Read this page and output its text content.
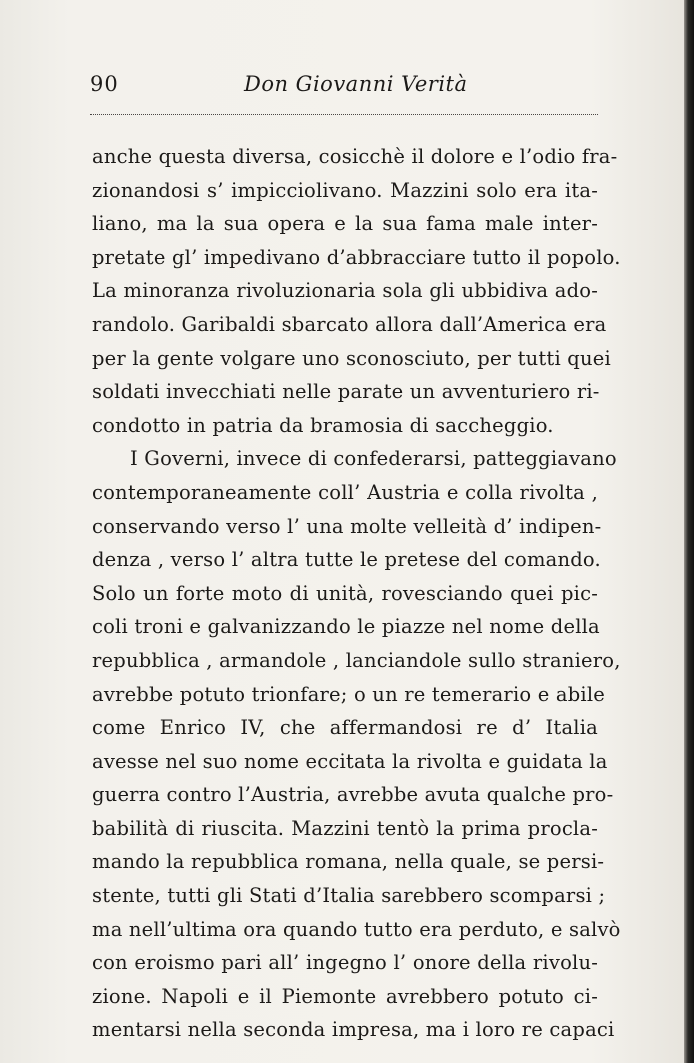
90	Don Giovanni Verità
anche questa diversa, cosicchè il dolore e l’odio fra-
zionandosi s’ impicciolivano. Mazzini solo era ita-
liano, ma la sua opera e la sua fama male inter-
pretate gl’ impedivano d’abbracciare tutto il popolo.
La minoranza rivoluzionaria sola gli ubbidiva ado-
randolo. Garibaldi sbarcato allora dall’America era
per la gente volgare uno sconosciuto, per tutti quei
soldati invecchiati nelle parate un avventuriero ri-
condotto in patria da bramosia di saccheggio.
I Governi, invece di confederarsi, patteggiavano
contemporaneamente coll’ Austria e colla rivolta ,
conservando verso l’ una molte velleità d’ indipen-
denza , verso l’ altra tutte le pretese del comando.
Solo un forte moto di unità, rovesciando quei pic-
coli troni e galvanizzando le piazze nel nome della
repubblica , armandole , lanciandole sullo straniero,
avrebbe potuto trionfare; o un re temerario e abile
come Enrico IV, che affermandosi re d’ Italia
avesse nel suo nome eccitata la rivolta e guidata la
guerra contro l’Austria, avrebbe avuta qualche pro-
babilità di riuscita. Mazzini tentò la prima procla-
mando la repubblica romana, nella quale, se persi-
stente, tutti gli Stati d’Italia sarebbero scomparsi ;
ma nell’ultima ora quando tutto era perduto, e salvò
con eroismo pari all’ ingegno l’ onore della rivolu-
zione. Napoli e il Piemonte avrebbero potuto ci-
mentarsi nella seconda impresa, ma i loro re capaci
